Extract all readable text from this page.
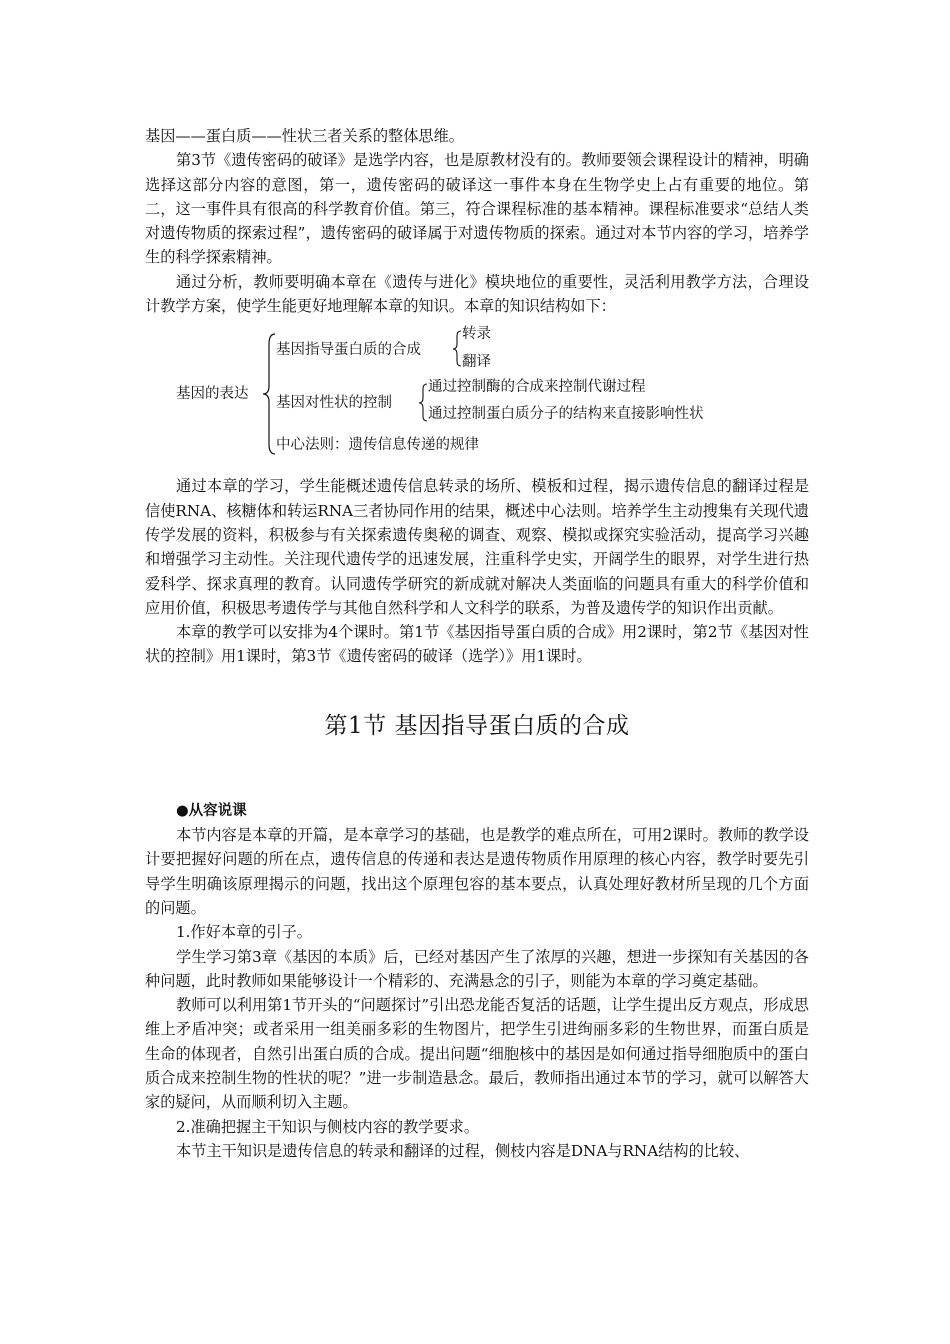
基因——蛋白质——性状三者关系的整体思维。

第3节《遗传密码的破译》是选学内容，也是原教材没有的。教师要领会课程设计的精神，明确选择这部分内容的意图，第一，遗传密码的破译这一事件本身在生物学史上占有重要的地位。第二，这一事件具有很高的科学教育价值。第三，符合课程标准的基本精神。课程标准要求“总结人类对遗传物质的探索过程”，遗传密码的破译属于对遗传物质的探索。通过对本节内容的学习，培养学生的科学探索精神。

通过分析，教师要明确本章在《遗传与进化》模块地位的重要性，灵活利用教学方法，合理设计教学方案，使学生能更好地理解本章的知识。本章的知识结构如下：

基因的表达
基因指导蛋白质的合成
转录
翻译
基因对性状的控制
通过控制酶的合成来控制代谢过程
通过控制蛋白质分子的结构来直接影响性状
中心法则：遗传信息传递的规律

通过本章的学习，学生能概述遗传信息转录的场所、模板和过程，揭示遗传信息的翻译过程是信使RNA、核糖体和转运RNA三者协同作用的结果，概述中心法则。培养学生主动搜集有关现代遗传学发展的资料，积极参与有关探索遗传奥秘的调查、观察、模拟或探究实验活动，提高学习兴趣和增强学习主动性。关注现代遗传学的迅速发展，注重科学史实，开阔学生的眼界，对学生进行热爱科学、探求真理的教育。认同遗传学研究的新成就对解决人类面临的问题具有重大的科学价值和应用价值，积极思考遗传学与其他自然科学和人文科学的联系，为普及遗传学的知识作出贡献。

本章的教学可以安排为4个课时。第1节《基因指导蛋白质的合成》用2课时，第2节《基因对性状的控制》用1课时，第3节《遗传密码的破译（选学）》用1课时。

第1节 基因指导蛋白质的合成

●从容说课

本节内容是本章的开篇，是本章学习的基础，也是教学的难点所在，可用2课时。教师的教学设计要把握好问题的所在点，遗传信息的传递和表达是遗传物质作用原理的核心内容，教学时要先引导学生明确该原理揭示的问题，找出这个原理包容的基本要点，认真处理好教材所呈现的几个方面的问题。

1.作好本章的引子。

学生学习第3章《基因的本质》后，已经对基因产生了浓厚的兴趣，想进一步探知有关基因的各种问题，此时教师如果能够设计一个精彩的、充满悬念的引子，则能为本章的学习奠定基础。

教师可以利用第1节开头的“问题探讨”引出恐龙能否复活的话题，让学生提出反方观点，形成思维上矛盾冲突；或者采用一组美丽多彩的生物图片，把学生引进绚丽多彩的生物世界，而蛋白质是生命的体现者，自然引出蛋白质的合成。提出问题“细胞核中的基因是如何通过指导细胞质中的蛋白质合成来控制生物的性状的呢？”进一步制造悬念。最后，教师指出通过本节的学习，就可以解答大家的疑问，从而顺利切入主题。

2.准确把握主干知识与侧枝内容的教学要求。

本节主干知识是遗传信息的转录和翻译的过程，侧枝内容是DNA与RNA结构的比较、
